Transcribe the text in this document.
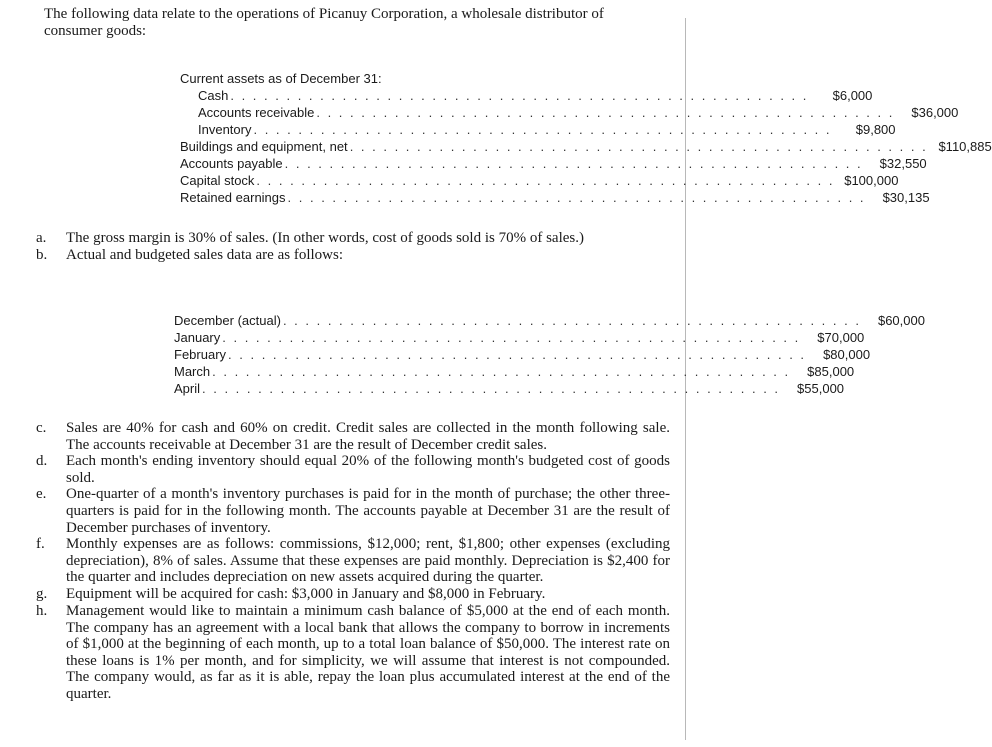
The following data relate to the operations of Picanuy Corporation, a wholesale distributor of
consumer goods:
Current assets as of December 31:
Cash . . . . . . . . . . . . . . . . . . . . . . . . . . . . . . . . . . . . . . . . . . . . . . . . . . . .	$6,000
Accounts receivable . . . . . . . . . . . . . . . . . . . . . . . . . . . . . . . . . . . . . . . . . . . . . . . . . . . .	$36,000
Inventory . . . . . . . . . . . . . . . . . . . . . . . . . . . . . . . . . . . . . . . . . . . . . . . . . . . .	$9,800
Buildings and equipment, net . . . . . . . . . . . . . . . . . . . . . . . . . . . . . . . . . . . . . . . . . . . . . . . . . . . . $110,885
Accounts payable . . . . . . . . . . . . . . . . . . . . . . . . . . . . . . . . . . . . . . . . . . . . . . . . . . . .	$32,550
Capital stock . . . . . . . . . . . . . . . . . . . . . . . . . . . . . . . . . . . . . . . . . . . . . . . . . . . . $100,000
Retained earnings . . . . . . . . . . . . . . . . . . . . . . . . . . . . . . . . . . . . . . . . . . . . . . . . . . . .	$30,135
a.	The gross margin is 30% of sales. (In other words, cost of goods sold is 70% of sales.)
b.	Actual and budgeted sales data are as follows:
December (actual) . . . . . . . . . . . . . . . . . . . . . . . . . . . . . . . . . . . . . . . . . . . . . . . . . . . .	$60,000
January . . . . . . . . . . . . . . . . . . . . . . . . . . . . . . . . . . . . . . . . . . . . . . . . . . . .	$70,000
February . . . . . . . . . . . . . . . . . . . . . . . . . . . . . . . . . . . . . . . . . . . . . . . . . . . .	$80,000
March . . . . . . . . . . . . . . . . . . . . . . . . . . . . . . . . . . . . . . . . . . . . . . . . . . . .	$85,000
April . . . . . . . . . . . . . . . . . . . . . . . . . . . . . . . . . . . . . . . . . . . . . . . . . . . .	$55,000
c.	Sales are 40% for cash and 60% on credit. Credit sales are collected in the month following sale. The accounts receivable at December 31 are the result of December credit sales.
d.	Each month's ending inventory should equal 20% of the following month's budgeted cost of goods sold.
e.	One-quarter of a month's inventory purchases is paid for in the month of purchase; the other three-quarters is paid for in the following month. The accounts payable at December 31 are the result of December purchases of inventory.
f.	Monthly expenses are as follows: commissions, $12,000; rent, $1,800; other expenses (excluding depreciation), 8% of sales. Assume that these expenses are paid monthly. Depreciation is $2,400 for the quarter and includes depreciation on new assets acquired during the quarter.
g.	Equipment will be acquired for cash: $3,000 in January and $8,000 in February.
h.	Management would like to maintain a minimum cash balance of $5,000 at the end of each month. The company has an agreement with a local bank that allows the company to borrow in increments of $1,000 at the beginning of each month, up to a total loan balance of $50,000. The interest rate on these loans is 1% per month, and for simplicity, we will assume that interest is not compounded. The company would, as far as it is able, repay the loan plus accumulated interest at the end of the quarter.
